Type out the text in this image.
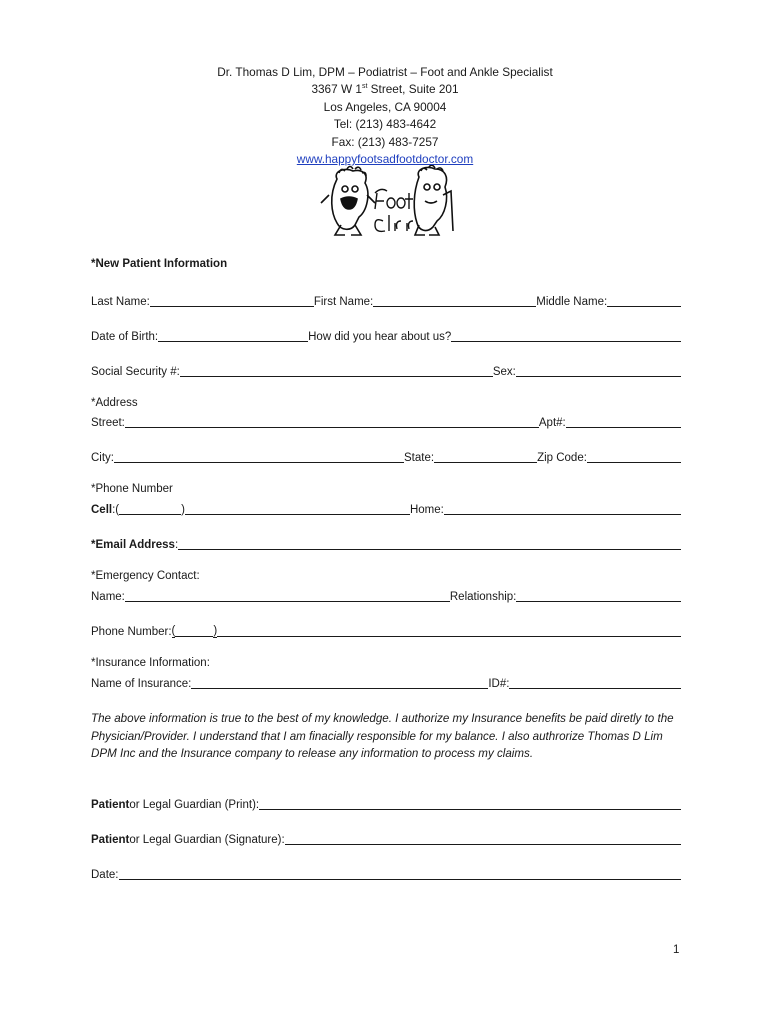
Dr. Thomas D Lim, DPM – Podiatrist – Foot and Ankle Specialist
3367 W 1st Street, Suite 201
Los Angeles, CA 90004
Tel: (213) 483-4642
Fax: (213) 483-7257
www.happyfootsadfootdoctor.com
*New Patient Information
Last Name:	First Name:	Middle Name:
Date of Birth:	How did you hear about us?
Social Security #:	Sex:
*Address
Street:	Apt#:
City:	State:	Zip Code:
*Phone Number
Cell :(	)	Home:
*Email Address :
*Emergency Contact:
Name:	Relationship:
Phone Number: (	)
*Insurance Information:
Name of Insurance:	ID#:
The above information is true to the best of my knowledge. I authorize my Insurance benefits be paid diretly to the Physician/Provider. I understand that I am finacially responsible for my balance. I also authrorize Thomas D Lim DPM Inc and the Insurance company to release any information to process my claims.
Patient or Legal Guardian (Print):
Patient or Legal Guardian (Signature):
Date:
1
